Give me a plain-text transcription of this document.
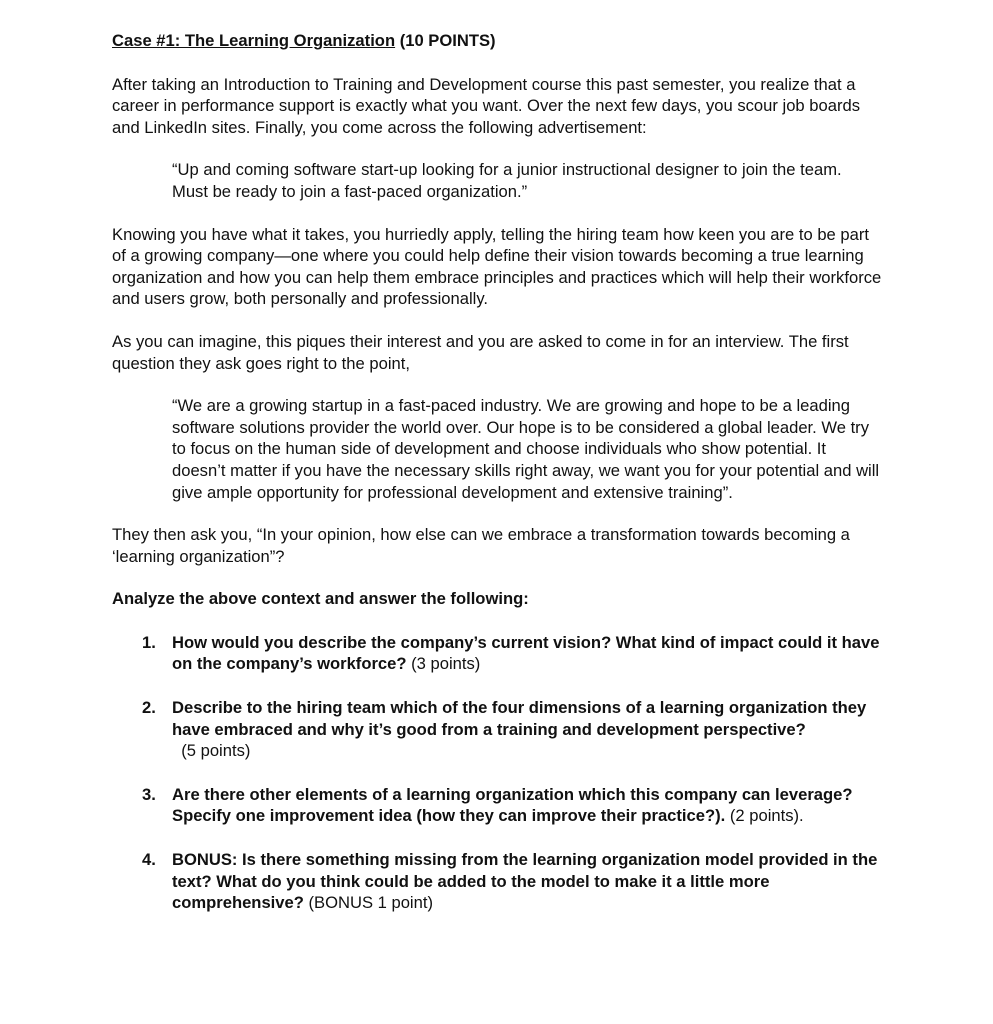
Case #1: The Learning Organization (10 POINTS)

After taking an Introduction to Training and Development course this past semester, you realize that a career in performance support is exactly what you want. Over the next few days, you scour job boards and LinkedIn sites. Finally, you come across the following advertisement:

“Up and coming software start-up looking for a junior instructional designer to join the team. Must be ready to join a fast-paced organization.”

Knowing you have what it takes, you hurriedly apply, telling the hiring team how keen you are to be part of a growing company—one where you could help define their vision towards becoming a true learning organization and how you can help them embrace principles and practices which will help their workforce and users grow, both personally and professionally.

As you can imagine, this piques their interest and you are asked to come in for an interview. The first question they ask goes right to the point,

“We are a growing startup in a fast-paced industry. We are growing and hope to be a leading software solutions provider the world over. Our hope is to be considered a global leader. We try to focus on the human side of development and choose individuals who show potential. It doesn’t matter if you have the necessary skills right away, we want you for your potential and will give ample opportunity for professional development and extensive training”.

They then ask you, “In your opinion, how else can we embrace a transformation towards becoming a ‘learning organization”?

Analyze the above context and answer the following:

1. How would you describe the company’s current vision? What kind of impact could it have on the company’s workforce? (3 points)
2. Describe to the hiring team which of the four dimensions of a learning organization they have embraced and why it’s good from a training and development perspective?  (5 points)
3. Are there other elements of a learning organization which this company can leverage? Specify one improvement idea (how they can improve their practice?). (2 points).
4. BONUS: Is there something missing from the learning organization model provided in the text? What do you think could be added to the model to make it a little more comprehensive? (BONUS 1 point)
